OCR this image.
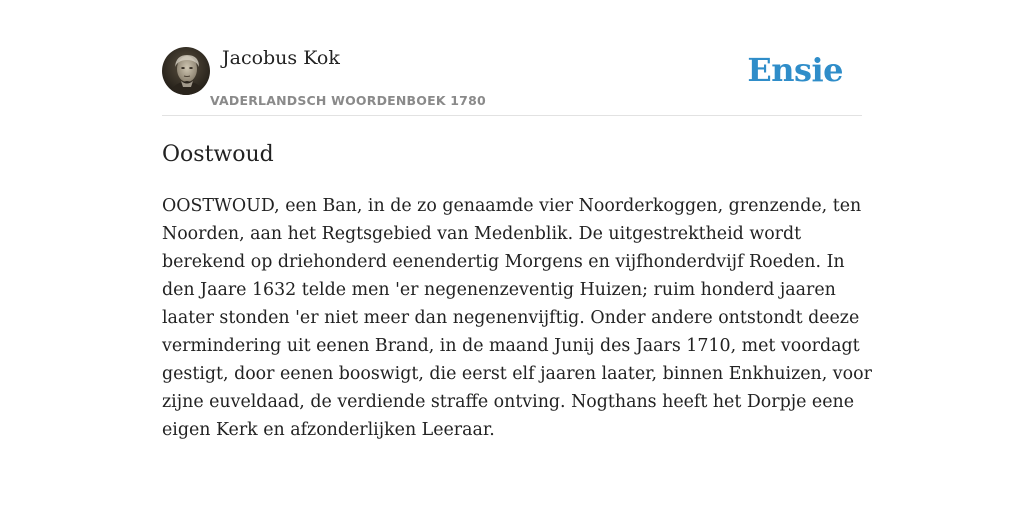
Jacobus Kok
VADERLANDSCH WOORDENBOEK 1780
Ensie
Oostwoud

OOSTWOUD, een Ban, in de zo genaamde vier Noorderkoggen, grenzende, ten Noorden, aan het Regtsgebied van Medenblik. De uitgestrektheid wordt berekend op driehonderd eenendertig Morgens en vijfhonderdvijf Roeden. In den Jaare 1632 telde men 'er negenenzeventig Huizen; ruim honderd jaaren laater stonden 'er niet meer dan negenenvijftig. Onder andere ontstondt deeze vermindering uit eenen Brand, in de maand Junij des Jaars 1710, met voordagt gestigt, door eenen booswigt, die eerst elf jaaren laater, binnen Enkhuizen, voor zijne euveldaad, de verdiende straffe ontving. Nogthans heeft het Dorpje eene eigen Kerk en afzonderlijken Leeraar.
